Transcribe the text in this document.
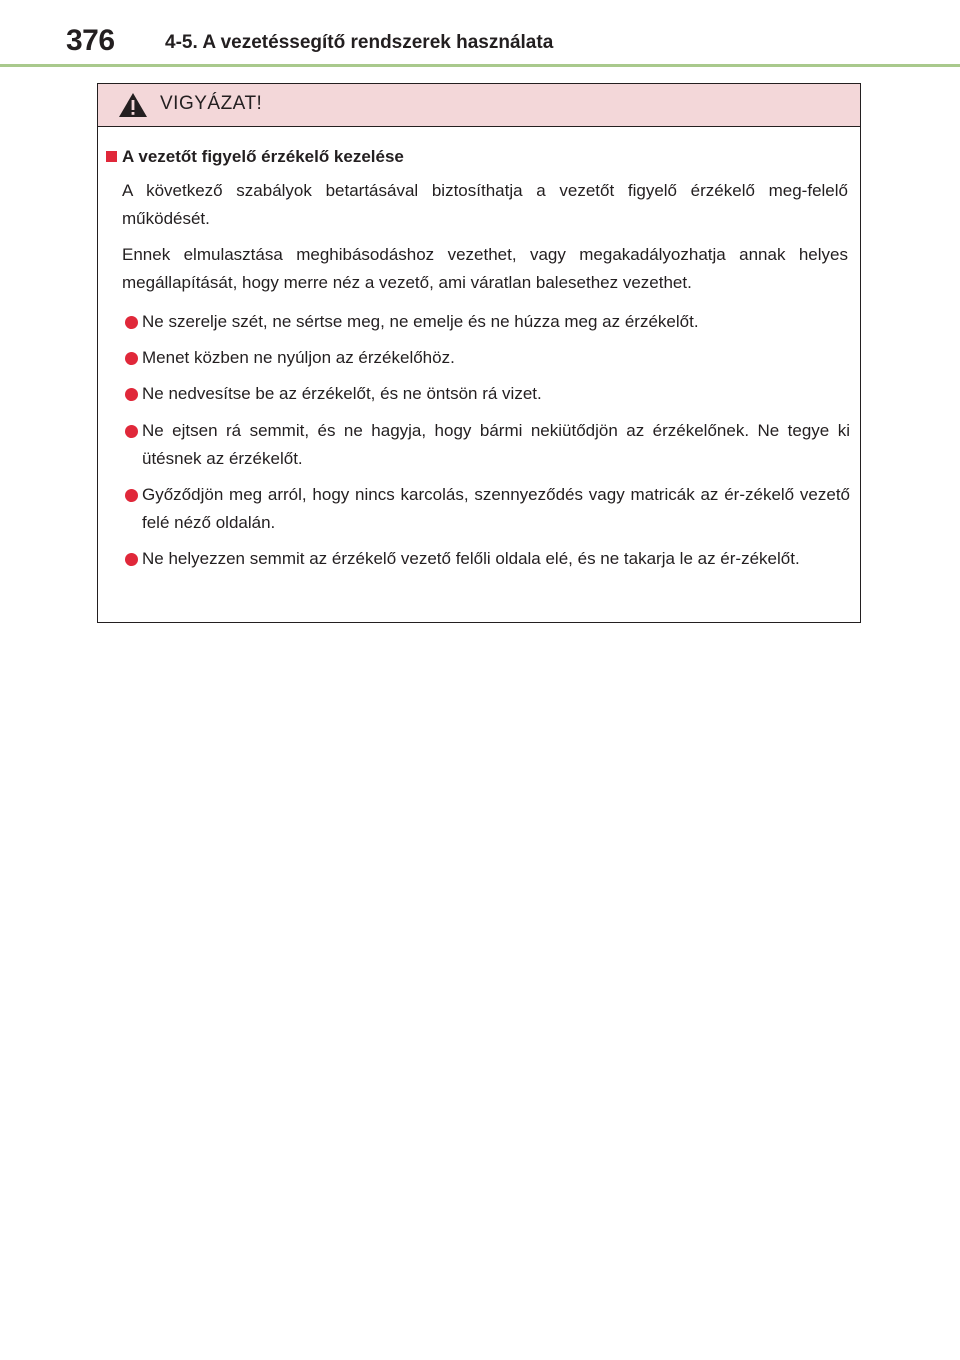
376	4-5. A vezetéssegítő rendszerek használata
VIGYÁZAT!
A vezetőt figyelő érzékelő kezelése
A következő szabályok betartásával biztosíthatja a vezetőt figyelő érzékelő meg-felelő működését.
Ennek elmulasztása meghibásodáshoz vezethet, vagy megakadályozhatja annak helyes megállapítását, hogy merre néz a vezető, ami váratlan balesethez vezethet.
Ne szerelje szét, ne sértse meg, ne emelje és ne húzza meg az érzékelőt.
Menet közben ne nyúljon az érzékelőhöz.
Ne nedvesítse be az érzékelőt, és ne öntsön rá vizet.
Ne ejtsen rá semmit, és ne hagyja, hogy bármi nekiütődjön az érzékelőnek. Ne tegye ki ütésnek az érzékelőt.
Győződjön meg arról, hogy nincs karcolás, szennyeződés vagy matricák az ér-zékelő vezető felé néző oldalán.
Ne helyezzen semmit az érzékelő vezető felőli oldala elé, és ne takarja le az ér-zékelőt.
